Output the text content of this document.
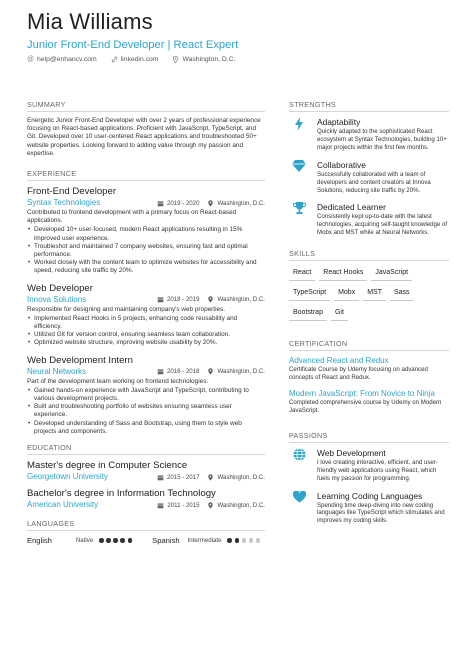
Mia Williams
Junior Front-End Developer | React Expert
@ help@enhancv.com	linkedin.com	Washington, D.C.
SUMMARY
Energetic Junior Front-End Developer with over 2 years of professional experience focusing on React-based applications. Proficient with JavaScript, TypeScript, and Git. Developed over 10 user-centered React applications and troubleshooted 50+ website properties. Looking forward to adding value through my passion and expertise.
EXPERIENCE
Front-End Developer
Syntax Technologies	2019 - 2020	Washington, D.C.
Contributed to frontend development with a primary focus on React-based applications.
• Developed 10+ user-focused, modern React applications resulting in 15% improved user experience.
• Troubleshot and maintained 7 company websites, ensuring fast and optimal performance.
• Worked closely with the content team to optimize websites for accessibility and speed, reducing site traffic by 20%.
Web Developer
Innova Solutions	2018 - 2019	Washington, D.C.
Responsible for designing and maintaining company's web properties.
• Implemented React Hooks in 5 projects, enhancing code reusability and efficiency.
• Utilized Git for version control, ensuring seamless team collaboration.
• Optimized website structure, improving website usability by 20%.
Web Development Intern
Neural Networks	2016 - 2018	Washington, D.C.
Part of the development team working on frontend technologies.
• Gained hands-on experience with JavaScript and TypeScript, contributing to various development projects.
• Built and troubleshooting portfolio of websites ensuring seamless user experience.
• Developed understanding of Sass and Bootstrap, using them to style web projects and components.
EDUCATION
Master's degree in Computer Science
Georgetown University	2015 - 2017	Washington, D.C.
Bachelor's degree in Information Technology
American University	2011 - 2015	Washington, D.C.
LANGUAGES
English	Native	Spanish Intermediate
STRENGTHS
Adaptability
Quickly adapted to the sophisticated React ecosystem at Syntax Technologies, building 10+ major projects within the first few months.
Collaborative
Successfully collaborated with a team of developers and content creators at Innova Solutions, reducing site traffic by 20%.
Dedicated Learner
Consistently kept up-to-date with the latest technologies, acquiring self-taught knowledge of Mobx and MST while at Neural Networks.
SKILLS
React	React Hooks	JavaScript
TypeScript	Mobx	MST	Sass
Bootstrap	Git
CERTIFICATION
Advanced React and Redux
Certificate Course by Udemy focusing on advanced concepts of React and Redux.
Modern JavaScript: From Novice to Ninja
Completed comprehensive course by Udemy on Modern JavaScript.
PASSIONS
Web Development
I love creating interactive, efficient, and user-friendly web applications using React, which fuels my passion for programming.
Learning Coding Languages
Spending time deep-diving into new coding languages like TypeScript which stimulates and improves my coding skills.
